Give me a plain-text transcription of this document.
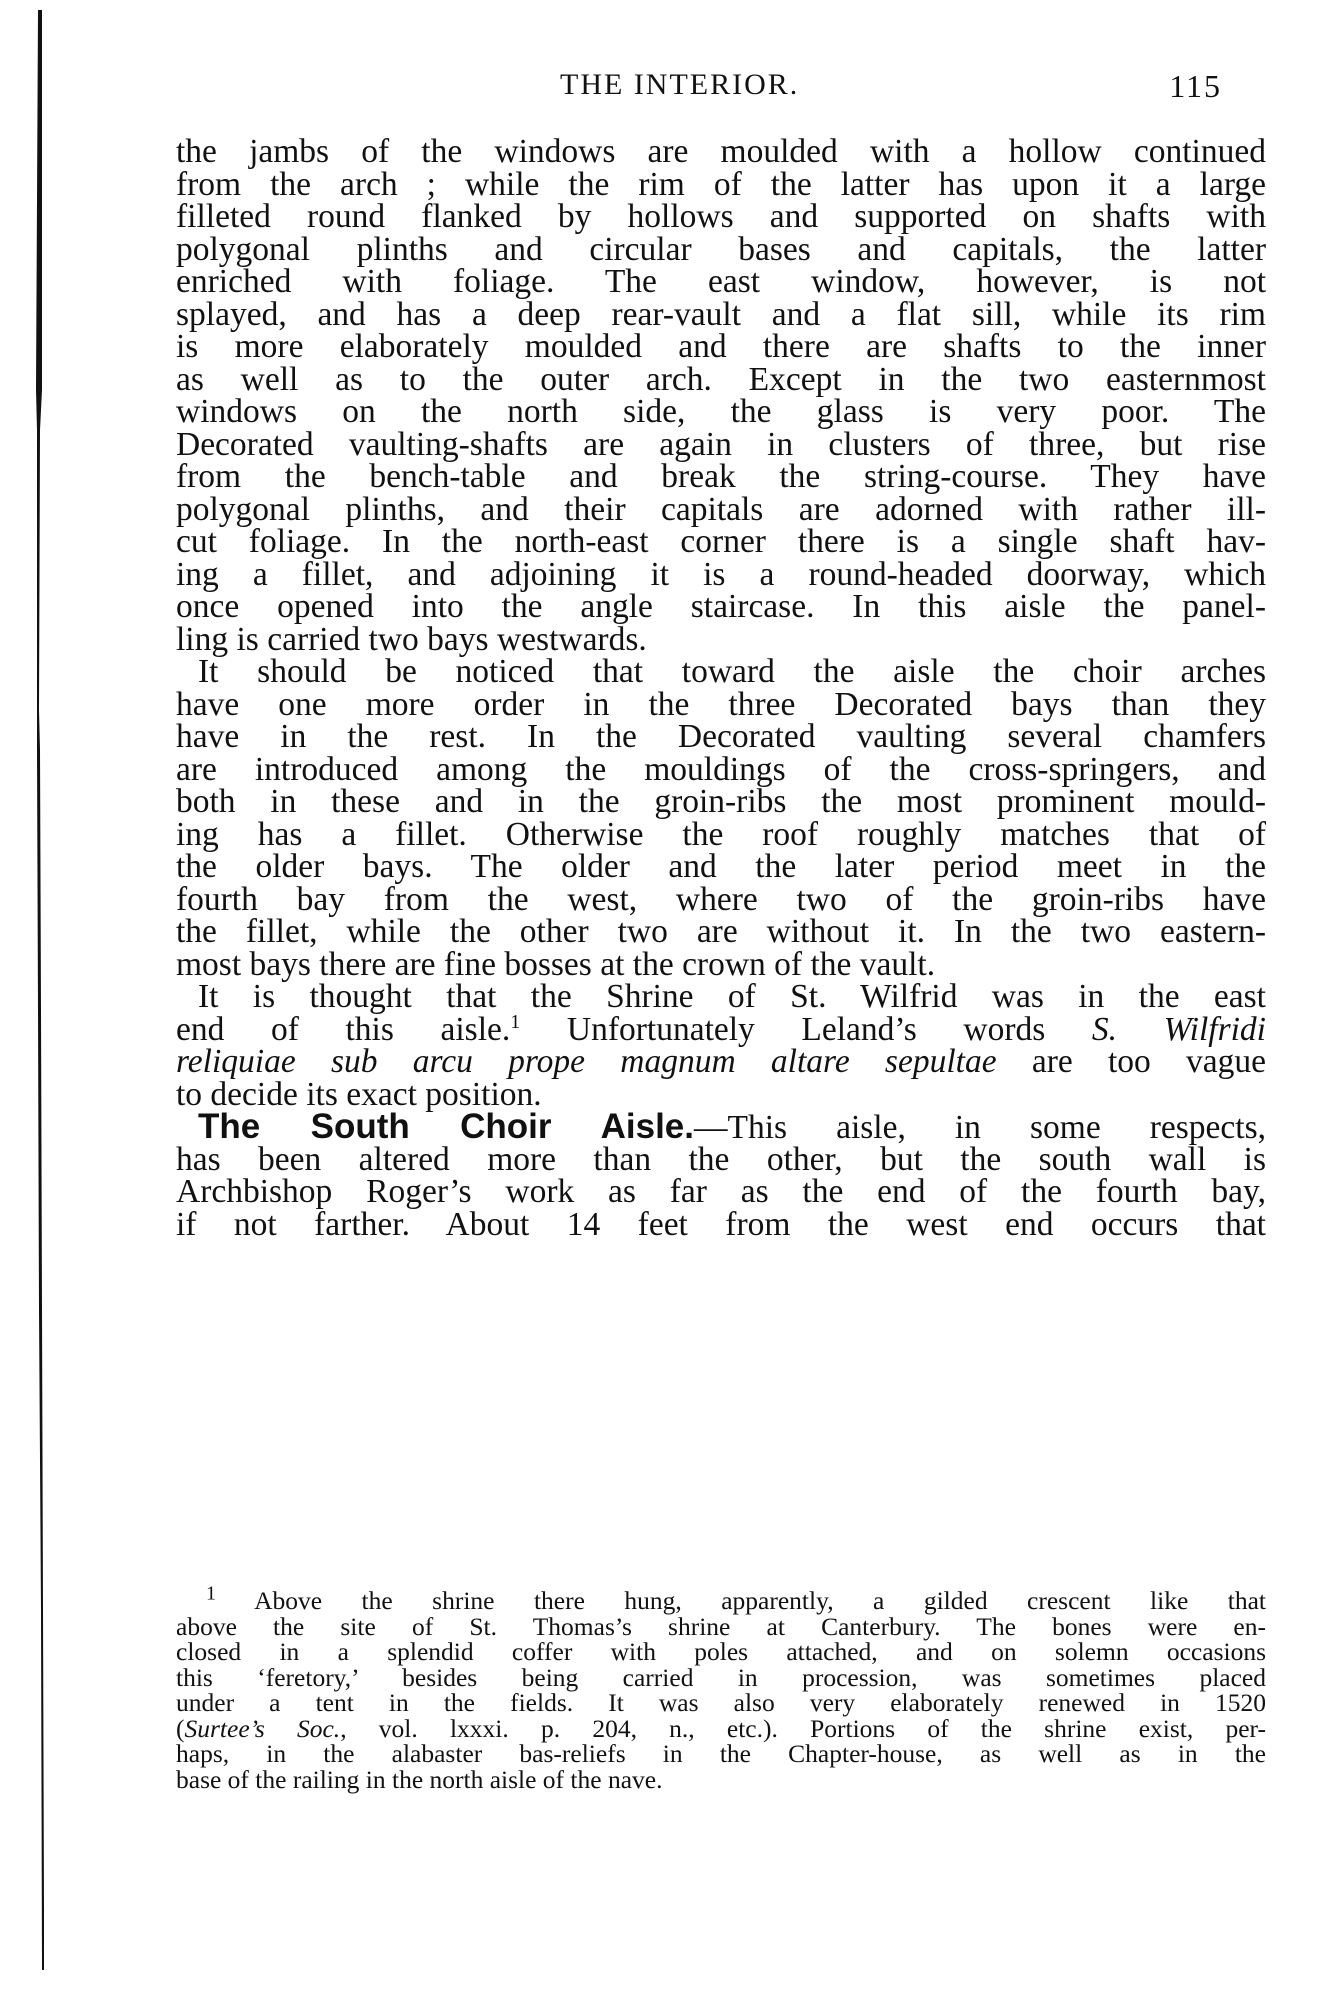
THE INTERIOR.	115
the jambs of the windows are moulded with a hollow continued
from the arch ; while the rim of the latter has upon it a large
filleted round flanked by hollows and supported on shafts with
polygonal plinths and circular bases and capitals, the latter
enriched with foliage. The east window, however, is not
splayed, and has a deep rear-vault and a flat sill, while its rim
is more elaborately moulded and there are shafts to the inner
as well as to the outer arch. Except in the two easternmost
windows on the north side, the glass is very poor. The
Decorated vaulting-shafts are again in clusters of three, but rise
from the bench-table and break the string-course. They have
polygonal plinths, and their capitals are adorned with rather ill-
cut foliage. In the north-east corner there is a single shaft hav-
ing a fillet, and adjoining it is a round-headed doorway, which
once opened into the angle staircase. In this aisle the panel-
ling is carried two bays westwards.
It should be noticed that toward the aisle the choir arches
have one more order in the three Decorated bays than they
have in the rest. In the Decorated vaulting several chamfers
are introduced among the mouldings of the cross-springers, and
both in these and in the groin-ribs the most prominent mould-
ing has a fillet. Otherwise the roof roughly matches that of
the older bays. The older and the later period meet in the
fourth bay from the west, where two of the groin-ribs have
the fillet, while the other two are without it. In the two eastern-
most bays there are fine bosses at the crown of the vault.
It is thought that the Shrine of St. Wilfrid was in the east
end of this aisle.$^1$ Unfortunately Leland’s words S. Wilfridi
reliquiae sub arcu prope magnum altare sepultae are too vague
to decide its exact position.
The South Choir Aisle.—This aisle, in some respects,
has been altered more than the other, but the south wall is
Archbishop Roger’s work as far as the end of the fourth bay,
if not farther. About 14 feet from the west end occurs that
$^1$ Above the shrine there hung, apparently, a gilded crescent like that
above the site of St. Thomas’s shrine at Canterbury. The bones were en-
closed in a splendid coffer with poles attached, and on solemn occasions
this ‘feretory,’ besides being carried in procession, was sometimes placed
under a tent in the fields. It was also very elaborately renewed in 1520
(Surtee’s Soc., vol. lxxxi. p. 204, n., etc.). Portions of the shrine exist, per-
haps, in the alabaster bas-reliefs in the Chapter-house, as well as in the
base of the railing in the north aisle of the nave.
